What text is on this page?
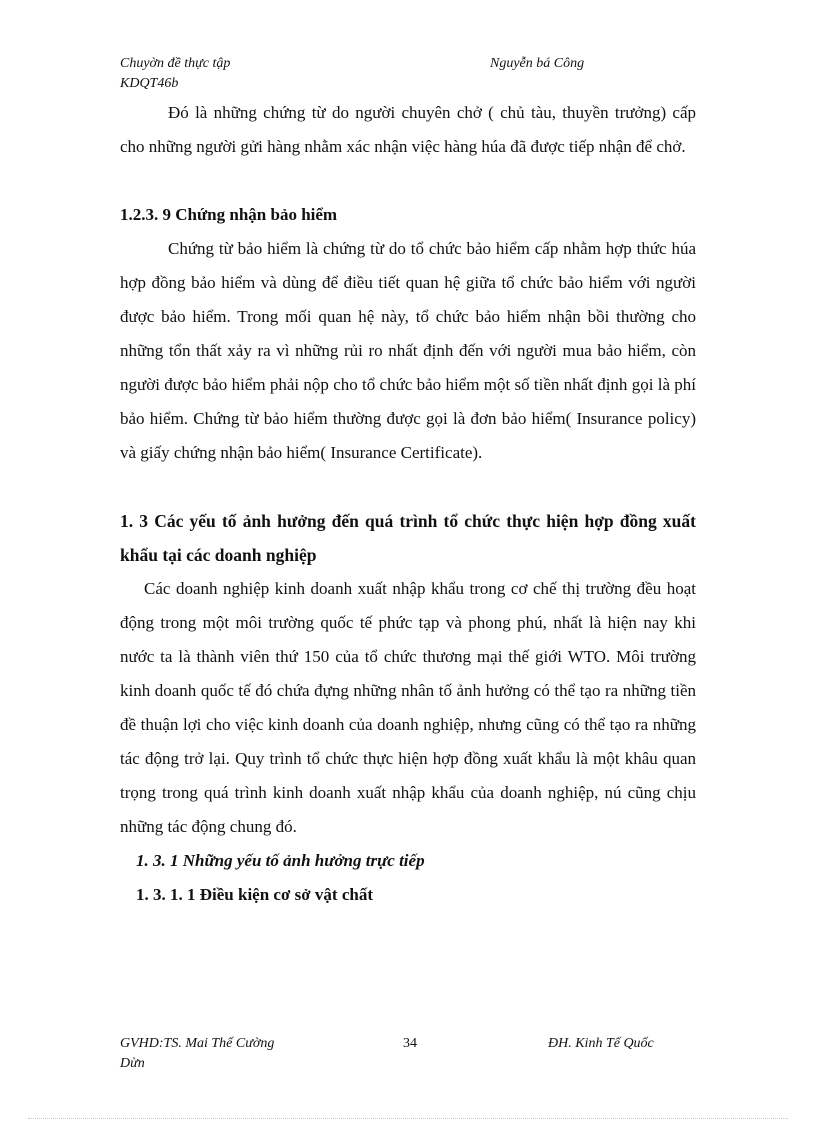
Chuyờn đề thực tập
KDQT46b
Nguyễn bá Công

Đó là những chứng từ do người chuyên chở ( chủ tàu, thuyền trưởng) cấp cho những người gửi hàng nhằm xác nhận việc hàng húa đã được tiếp nhận để chở.

1.2.3. 9 Chứng nhận bảo hiểm

Chứng từ bảo hiểm là chứng từ do tổ chức bảo hiểm cấp nhằm hợp thức húa hợp đồng bảo hiểm và dùng để điều tiết quan hệ giữa tổ chức bảo hiểm với người được bảo hiểm. Trong mối quan hệ này, tổ chức bảo hiểm nhận bồi thường cho những tổn thất xảy ra vì những rủi ro nhất định đến với người mua bảo hiểm, còn người được bảo hiểm phải nộp cho tổ chức bảo hiểm một số tiền nhất định gọi là phí bảo hiểm. Chứng từ bảo hiểm thường được gọi là đơn bảo hiểm( Insurance policy) và giấy chứng nhận bảo hiểm( Insurance Certificate).

1. 3 Các yếu tố ảnh hưởng đến quá trình tổ chức thực hiện hợp đồng xuất khẩu tại các doanh nghiệp

Các doanh nghiệp kinh doanh xuất nhập khẩu trong cơ chế thị trường đều hoạt động trong một môi trường quốc tế phức tạp và phong phú, nhất là hiện nay khi nước ta là thành viên thứ 150 của tổ chức thương mại thế giới WTO. Môi trường kinh doanh quốc tế đó chứa đựng những nhân tố ảnh hưởng có thể tạo ra những tiền đề thuận lợi cho việc kinh doanh của doanh nghiệp, nhưng cũng có thể tạo ra những tác động trở lại. Quy trình tổ chức thực hiện hợp đồng xuất khẩu là một khâu quan trọng trong quá trình kinh doanh xuất nhập khẩu của doanh nghiệp, nú cũng chịu những tác động chung đó.

1. 3. 1 Những yếu tố ảnh hưởng trực tiếp

1. 3. 1. 1 Điều kiện cơ sở vật chất

GVHD:TS. Mai Thế Cường
Dừn
34	ĐH. Kinh Tế Quốc
